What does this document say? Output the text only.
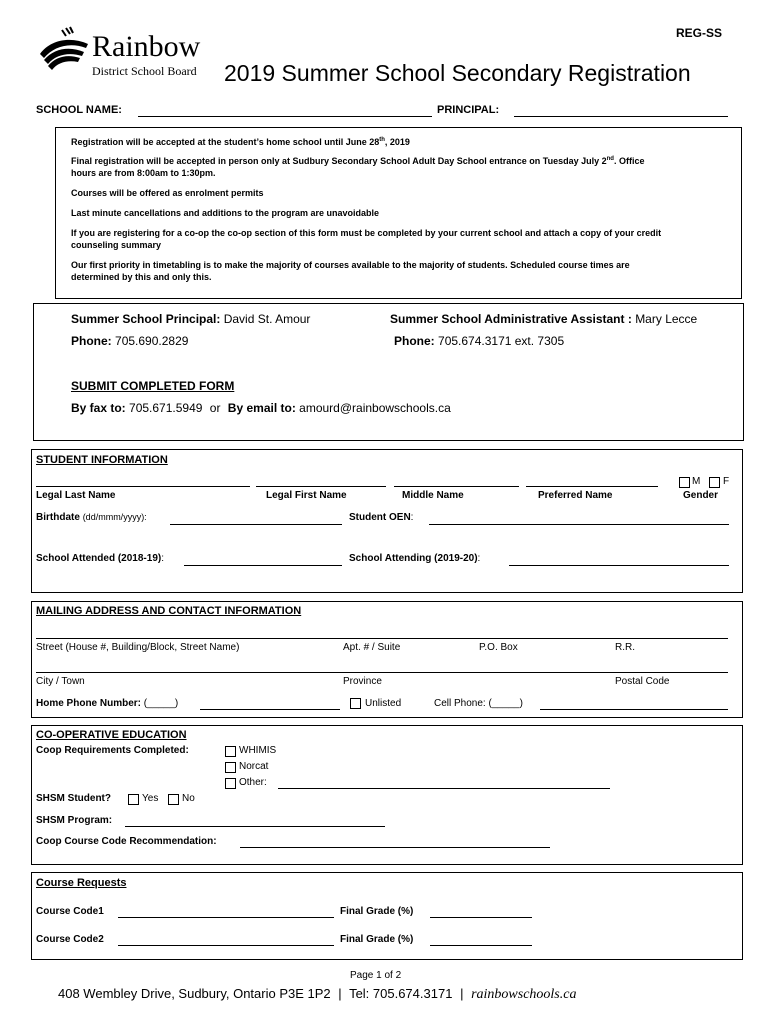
REG-SS
Rainbow
District School Board 2019 Summer School Secondary Registration
SCHOOL NAME:	PRINCIPAL:
Registration will be accepted at the student’s home school until June 28th, 2019
Final registration will be accepted in person only at Sudbury Secondary School Adult Day School entrance on Tuesday July 2nd. Office
hours are from 8:00am to 1:30pm.
Courses will be offered as enrolment permits
Last minute cancellations and additions to the program are unavoidable
If you are registering for a co-op the co-op section of this form must be completed by your current school and attach a copy of your credit
counseling summary
Our first priority in timetabling is to make the majority of courses available to the majority of students. Scheduled course times are
determined by this and only this.
Summer School Principal: David St. Amour	Summer School Administrative Assistant : Mary Lecce
Phone: 705.690.2829	Phone: 705.674.3171 ext. 7305
SUBMIT COMPLETED FORM
By fax to: 705.671.5949 or By email to: amourd@rainbowschools.ca
STUDENT INFORMATION
M F
Legal Last Name	Legal First Name	Middle Name	Preferred Name	Gender
Birthdate (dd/mmm/yyyy):	Student OEN:
School Attended (2018-19):	School Attending (2019-20):
MAILING ADDRESS AND CONTACT INFORMATION
Street (House #, Building/Block, Street Name)	Apt. # / Suite	P.O. Box	R.R.
City / Town	Province	Postal Code
Home Phone Number: (_____)	Unlisted	Cell Phone: (_____)
CO-OPERATIVE EDUCATION
Coop Requirements Completed:	WHIMIS
Norcat
Other:
SHSM Student?	Yes No
SHSM Program:
Coop Course Code Recommendation:
Course Requests
Course Code1	Final Grade (%)
Course Code2	Final Grade (%)
Page 1 of 2
408 Wembley Drive, Sudbury, Ontario P3E 1P2 | Tel: 705.674.3171 | rainbowschools.ca
